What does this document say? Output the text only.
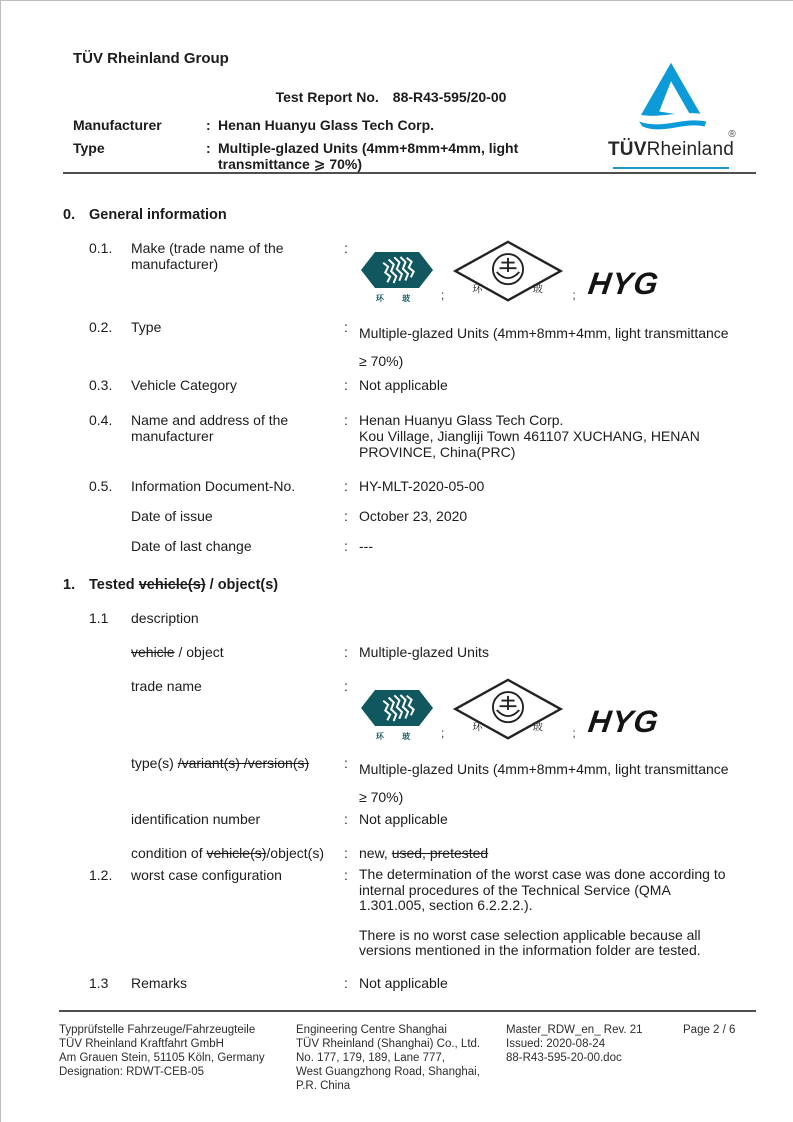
TÜV Rheinland Group
Test Report No. 88-R43-595/20-00
Manufacturer	: Henan Huanyu Glass Tech Corp.
Type	: Multiple-glazed Units (4mm+8mm+4mm, light transmittance ⩾ 70%)
TÜVRheinland
®
0. General information
0.1.	Make (trade name of the manufacturer)
:
环 玻 ;	环	玻 ; HYG
0.2.	Type	: Multiple-glazed Units (4mm+8mm+4mm, light transmittance ≥ 70%)
0.3.	Vehicle Category	: Not applicable
0.4.	Name and address of the manufacturer
: Henan Huanyu Glass Tech Corp.
Kou Village, Jiangliji Town 461107 XUCHANG, HENAN PROVINCE, China(PRC)
0.5.	Information Document-No.	: HY-MLT-2020-05-00
Date of issue	: October 23, 2020
Date of last change	: ---
1. Tested vehicle(s) / object(s)
1.1	description
vehicle / object	: Multiple-glazed Units
trade name	:
环 玻 ;	环	玻 ; HYG
type(s) /variant(s) /version(s)	: Multiple-glazed Units (4mm+8mm+4mm, light transmittance ≥ 70%)
identification number	: Not applicable
condition of vehicle(s)/object(s)	: new, used, pretested
1.2.	worst case configuration	: The determination of the worst case was done according to internal procedures of the Technical Service (QMA 1.301.005, section 6.2.2.2.).
There is no worst case selection applicable because all versions mentioned in the information folder are tested.
1.3	Remarks	: Not applicable
Typprüfstelle Fahrzeuge/Fahrzeugteile
TÜV Rheinland Kraftfahrt GmbH
Am Grauen Stein, 51105 Köln, Germany
Designation: RDWT-CEB-05
Engineering Centre Shanghai
TÜV Rheinland (Shanghai) Co., Ltd.
No. 177, 179, 189, Lane 777,
West Guangzhong Road, Shanghai,
P.R. China
Master_RDW_en_ Rev. 21
Issued: 2020-08-24
88-R43-595-20-00.doc
Page 2 / 6
